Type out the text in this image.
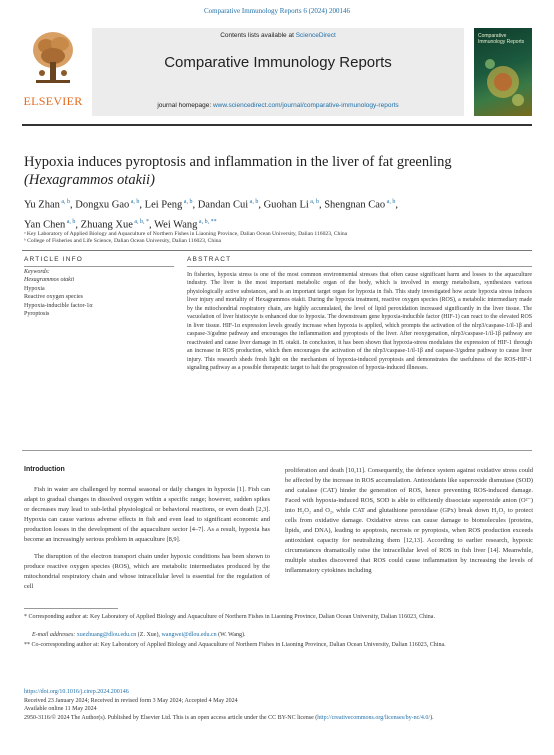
Comparative Immunology Reports 6 (2024) 200146
ELSEVIER
Contents lists available at ScienceDirect
Comparative Immunology Reports
journal homepage: www.sciencedirect.com/journal/comparative-immunology-reports
Comparative Immunology Reports
Hypoxia induces pyroptosis and inflammation in the liver of fat greenling
(Hexagrammos otakii)
Yu Zhan $^{a, b}$, Dongxu Gao $^{a, b}$, Lei Peng $^{a, b}$, Dandan Cui $^{a, b}$, Guohan Li $^{a, b}$, Shengnan Cao $^{a, b}$,
Yan Chen $^{a, b}$, Zhuang Xue $^{a, b, *}$, Wei Wang $^{a, b, **}$
ᵃ Key Laboratory of Applied Biology and Aquaculture of Northern Fishes in Liaoning Province, Dalian Ocean University, Dalian 116023, China
ᵇ College of Fisheries and Life Science, Dalian Ocean University, Dalian 116023, China
ARTICLE INFO
Keywords:
Hexagrammos otakii
Hypoxia
Reactive oxygen species
Hypoxia-inducible factor-1α
Pyroptosis
ABSTRACT
In fisheries, hypoxia stress is one of the most common environmental stresses that often cause significant harm and losses to the aquaculture industry. The liver is the most important metabolic organ of the body, which is involved in energy metabolism, synthesizes various physiologically active substances, and is an important target organ for hypoxia in fish. This study investigated how acute hypoxia stress induces liver injury and mortality of Hexagrammos otakii. During the hypoxia treatment, reactive oxygen species (ROS), a metabolic intermediary made by the mitochondrial respiratory chain, are highly accumulated, the level of lipid peroxidation increased significantly in the liver tissue. The vacuolation of liver histiocyte is enhanced due to hypoxia. The downstream gene hypoxia-inducible factor (HIF-1) can react to the elevated ROS in liver tissue. HIF-1α expression levels greatly increase when hypoxia is applied, which prompts the activation of the nlrp3/caspase-1/il-1β and caspase-3/gsdme pathway and encourages the inflammation and pyroptosis of the liver. After reoxygenation, nlrp3/caspase-1/il-1β pathway are reactivated and cause liver damage in H. otakii. In conclusion, it has been shown that hypoxia-stress modulates the expression of HIF-1 through an increase in ROS production, which then encourages the activation of the nlrp3/caspase-1/il-1β and caspase-3/gsdme pathway to cause liver injury. This research sheds fresh light on the mechanism of hypoxia-induced pyroptosis and demonstrates the usefulness of the ROS-HIF-1 signaling pathway as a possible therapeutic target to halt the progression of hypoxia-induced illnesses.
Introduction

Fish in water are challenged by normal seasonal or daily changes in hypoxia [1]. Fish can adapt to gradual changes in dissolved oxygen within a specific range; however, sudden spikes or decreases may lead to sub-lethal physiological or behavioral reactions, or even death [2,3]. Hypoxia can cause various adverse effects in fish and even lead to significant economic and production losses in the development of the aquaculture sector [4–7]. As a result, hypoxia has become an increasingly serious problem in aquaculture [8,9].

The disruption of the electron transport chain under hypoxic conditions has been shown to produce reactive oxygen species (ROS), which are metabolic intermediates produced by the mitochondrial respiratory chain and whose intracellular level is essential for the regulation of cell

proliferation and death [10,11]. Consequently, the defence system against oxidative stress could be affected by the increase in ROS accumulation. Antioxidants like superoxide dismutase (SOD) and catalase (CAT) hinder the generation of ROS, hence preventing ROS-induced damage. Faced with hypoxia-induced ROS, SOD is able to efficiently dissociate superoxide anion (O²⁻) into H₂O₂ and O₂, while CAT and glutathione peroxidase (GPx) break down H₂O₂ to protect cells from oxidative damage. Oxidative stress can cause damage to biomolecules (proteins, lipids, and DNA), leading to apoptosis, necrosis or pyroptosis, when ROS production exceeds antioxidant capacity for neutralizing them [12,13]. According to earlier research, hypoxic circumstances dramatically raise the intracellular level of ROS in fish liver [14]. Meanwhile, multiple studies discovered that ROS could cause inflammation by increasing the levels of inflammatory cytokines including

* Corresponding author at: Key Laboratory of Applied Biology and Aquaculture of Northern Fishes in Liaoning Province, Dalian Ocean University, Dalian 116023, China.
E-mail addresses: xuezhuang@dlou.edu.cn (Z. Xue), wangwei@dlou.edu.cn (W. Wang).
** Co-corresponding author at: Key Laboratory of Applied Biology and Aquaculture of Northern Fishes in Liaoning Province, Dalian Ocean University, Dalian 116023, China.
https://doi.org/10.1016/j.cirep.2024.200146
Received 23 January 2024; Received in revised form 3 May 2024; Accepted 4 May 2024
Available online 11 May 2024
2950-3116/© 2024 The Author(s). Published by Elsevier Ltd. This is an open access article under the CC BY-NC license (http://creativecommons.org/licenses/by-nc/4.0/).
